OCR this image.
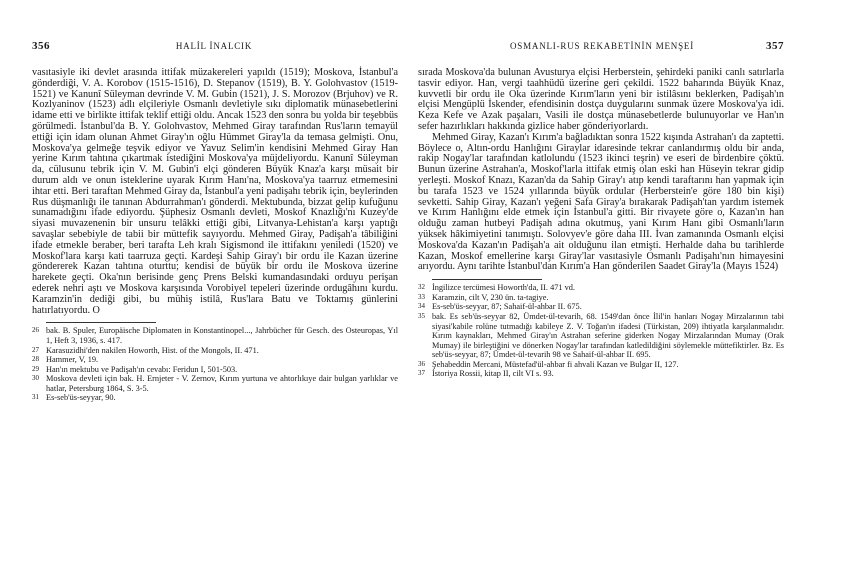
356	HALİL İNALCIK

vasıtasiyle iki devlet arasında ittifak müzakereleri yapıldı (1519); Moskova, İstanbul'a gönderdiği, V. A. Korobov (1515-1516), D. Stepanov (1519), B. Y. Golohvastov (1519-1521) ve Kanunî Süleyman devrinde V. M. Gubin (1521), J. S. Morozov (Brjuhov) ve R. Kozlyaninov (1523) adlı elçileriyle Osmanlı devletiyle sıkı diplomatik münasebetlerini idame etti ve birlikte ittifak teklif ettiği oldu. Ancak 1523 den sonra bu yolda bir teşebbüs görülmedi. İstanbul'da B. Y. Golohvastov, Mehmed Giray tarafından Rus'ların temayül ettiği için idam olunan Ahmet Giray'ın oğlu Hümmet Giray'la da temasa gelmişti. Onu, Moskova'ya gelmeğe teşvik ediyor ve Yavuz Selim'in kendisini Mehmed Giray Han yerine Kırım tahtına çıkartmak istediğini Moskova'ya müjdeliyordu. Kanunî Süleyman da, cülusunu tebrik için V. M. Gubin'i elçi gönderen Büyük Knaz'a karşı müsait bir durum aldı ve onun isteklerine uyarak Kırım Hanı'na, Moskova'ya taarruz etmemesini ihtar etti. Beri taraftan Mehmed Giray da, İstanbul'a yeni padişahı tebrik için, beylerinden Rus düşmanlığı ile tanınan Abdurrahman'ı gönderdi. Mektubunda, bizzat gelip kufuğunu sunamadığını ifade ediyordu. Şüphesiz Osmanlı devleti, Moskof Knazlığı'nı Kuzey'de siyasi muvazenenin bir unsuru telâkki ettiği gibi, Litvanya-Lehistan'a karşı yaptığı savaşlar sebebiyle de tabii bir müttefik sayıyordu. Mehmed Giray, Padişah'a tâbiliğini ifade etmekle beraber, beri tarafta Leh kralı Sigismond ile ittifakını yeniledi (1520) ve Moskof'lara karşı kati taarruza geçti. Kardeşi Sahip Giray'ı bir ordu ile Kazan üzerine göndererek Kazan tahtına oturttu; kendisi de büyük bir ordu ile Moskova üzerine harekete geçti. Oka'nın berisinde genç Prens Belski kumandasındaki orduyu perişan ederek nehri aştı ve Moskova karşısında Vorobiyel tepeleri üzerinde ordugâhını kurdu. Karamzin'in dediği gibi, bu mühiş istilâ, Rus'lara Batu ve Toktamış günlerini hatırlatıyordu. O

26 bak. B. Spuler, Europäische Diplomaten in Konstantinopel..., Jahrbücher für Gesch. des Osteuropas, Yıl 1, Heft 3, 1936, s. 417.

27 Karasuzidhi'den nakilen Howorth, Hist. of the Mongols, II. 471.

28 Hammer, V, 19.

29 Han'ın mektubu ve Padişah'ın cevabı: Feridun I, 501-503.

30 Moskova devleti için bak. H. Ernjeter - V. Zernov, Kırım yurtuna ve ahtorlıkıye dair bulgan yarlıklar ve hatlar, Petersburg 1864, S. 3-5.

31 Es-seb'üs-seyyar, 90.

OSMANLI-RUS REKABETİNİN MENŞEİ	357

sırada Moskova'da bulunan Avusturya elçisi Herberstein, şehirdeki paniki canlı satırlarla tasvir ediyor. Han, vergi taahhüdü üzerine geri çekildi. 1522 baharında Büyük Knaz, kuvvetli bir ordu ile Oka üzerinde Kırım'ların yeni bir istilâsını beklerken, Padişah'ın elçisi Mengüplü İskender, efendisinin dostça duygularını sunmak üzere Moskova'ya idi. Keza Kefe ve Azak paşaları, Vasili ile dostça münasebetlerde bulunuyorlar ve Han'ın sefer hazırlıkları hakkında gizlice haber gönderiyorlardı.

Mehmed Giray, Kazan'ı Kırım'a bağladıktan sonra 1522 kışında Astrahan'ı da zaptetti. Böylece o, Altın-ordu Hanlığını Giraylar idaresinde tekrar canlandırmış oldu bir anda, rakip Nogay'lar tarafından katlolundu (1523 ikinci teşrin) ve eseri de birdenbire çöktü. Bunun üzerine Astrahan'a, Moskof'larla ittifak etmiş olan eski han Hüseyin tekrar gidip yerleşti. Moskof Knazı, Kazan'da da Sahip Giray'ı atıp kendi taraftarını han yapmak için bu tarafa 1523 ve 1524 yıllarında büyük ordular (Herberstein'e göre 180 bin kişi) sevketti. Sahip Giray, Kazan'ı yeğeni Safa Giray'a bırakarak Padişah'tan yardım istemek ve Kırım Hanlığını elde etmek için İstanbul'a gitti. Bir rivayete göre o, Kazan'ın han olduğu zaman hutbeyi Padişah adına okutmuş, yani Kırım Hanı gibi Osmanlı'ların yüksek hâkimiyetini tanımıştı. Solovyev'e göre daha III. İvan zamanında Osmanlı elçisi Moskova'da Kazan'ın Padişah'a ait olduğunu ilan etmişti. Herhalde daha bu tarihlerde Kazan, Moskof emellerine karşı Giray'lar vasıtasiyle Osmanlı Padişahı'nın himayesini arıyordu. Aynı tarihte İstanbul'dan Kırım'a Han gönderilen Saadet Giray'la (Mayıs 1524)

32 İngilizce tercümesi Howorth'da, II. 471 vd.

33 Karamzin, cilt V, 230 ün. ta-tagiye.

34 Es-seb'üs-seyyar, 87; Sahaif-ül-ahbar II. 675.

35 bak. Es seb'üs-seyyar 82, Ümdet-ül-tevarih, 68. 1549'dan önce İlil'in hanları Nogay Mirzalarının tabi siyasi'kabile rolüne tutmadığı kabileye Z. V. Toğan'ın ifadesi (Türkistan, 209) ihtiyatla karşılanmalıdır. Kırım kaynakları, Mehmed Giray'ın Astrahan seferine giderken Nogay Mirzalarından Mumay (Orak Mumay) ile birleştiğini ve dönerken Nogay'lar tarafından katledildiğini söylemekle müttefiktirler. Bz. Es seb'üs-seyyar, 87; Ümdet-ül-tevarih 98 ve Sahaif-ül-ahbar II. 695.

36 Şehabeddin Mercani, Müstefad'ül-ahbar fi ahvali Kazan ve Bulgar II, 127.

37 İstoriya Rossii, kitap II, cilt VI s. 93.
